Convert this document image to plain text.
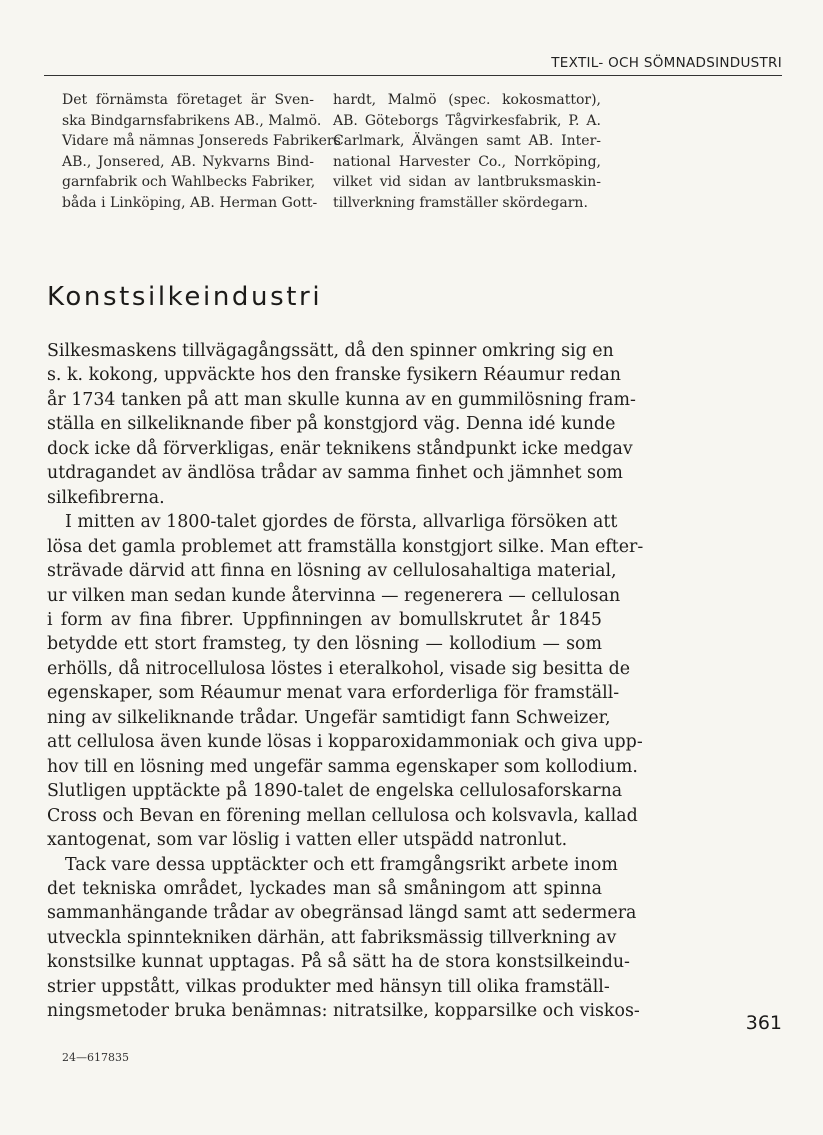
TEXTIL- OCH SÖMNADSINDUSTRI
Det förnämsta företaget är Sven-
ska Bindgarnsfabrikens AB., Malmö.
Vidare må nämnas Jonsereds Fabrikers
AB., Jonsered, AB. Nykvarns Bind-
garnfabrik och Wahlbecks Fabriker,
båda i Linköping, AB. Herman Gott-
hardt, Malmö (spec. kokosmattor),
AB. Göteborgs Tågvirkesfabrik, P. A.
Carlmark, Älvängen samt AB. Inter-
national Harvester Co., Norrköping,
vilket vid sidan av lantbruksmaskin-
tillverkning framställer skördegarn.
Konstsilkeindustri
Silkesmaskens tillvägagångssätt, då den spinner omkring sig en
s. k. kokong, uppväckte hos den franske fysikern Réaumur redan
år 1734 tanken på att man skulle kunna av en gummilösning fram-
ställa en silkeliknande fiber på konstgjord väg. Denna idé kunde
dock icke då förverkligas, enär teknikens ståndpunkt icke medgav
utdragandet av ändlösa trådar av samma finhet och jämnhet som
silkefibrerna.
I mitten av 1800-talet gjordes de första, allvarliga försöken att
lösa det gamla problemet att framställa konstgjort silke. Man efter-
strävade därvid att finna en lösning av cellulosahaltiga material,
ur vilken man sedan kunde återvinna — regenerera — cellulosan
i form av fina fibrer. Uppfinningen av bomullskrutet år 1845
betydde ett stort framsteg, ty den lösning — kollodium — som
erhölls, då nitrocellulosa löstes i eteralkohol, visade sig besitta de
egenskaper, som Réaumur menat vara erforderliga för framställ-
ning av silkeliknande trådar. Ungefär samtidigt fann Schweizer,
att cellulosa även kunde lösas i kopparoxidammoniak och giva upp-
hov till en lösning med ungefär samma egenskaper som kollodium.
Slutligen upptäckte på 1890-talet de engelska cellulosaforskarna
Cross och Bevan en förening mellan cellulosa och kolsvavla, kallad
xantogenat, som var löslig i vatten eller utspädd natronlut.
Tack vare dessa upptäckter och ett framgångsrikt arbete inom
det tekniska området, lyckades man så småningom att spinna
sammanhängande trådar av obegränsad längd samt att sedermera
utveckla spinntekniken därhän, att fabriksmässig tillverkning av
konstsilke kunnat upptagas. På så sätt ha de stora konstsilkeindu-
strier uppstått, vilkas produkter med hänsyn till olika framställ-
ningsmetoder bruka benämnas: nitratsilke, kopparsilke och viskos-
361
24—617835
